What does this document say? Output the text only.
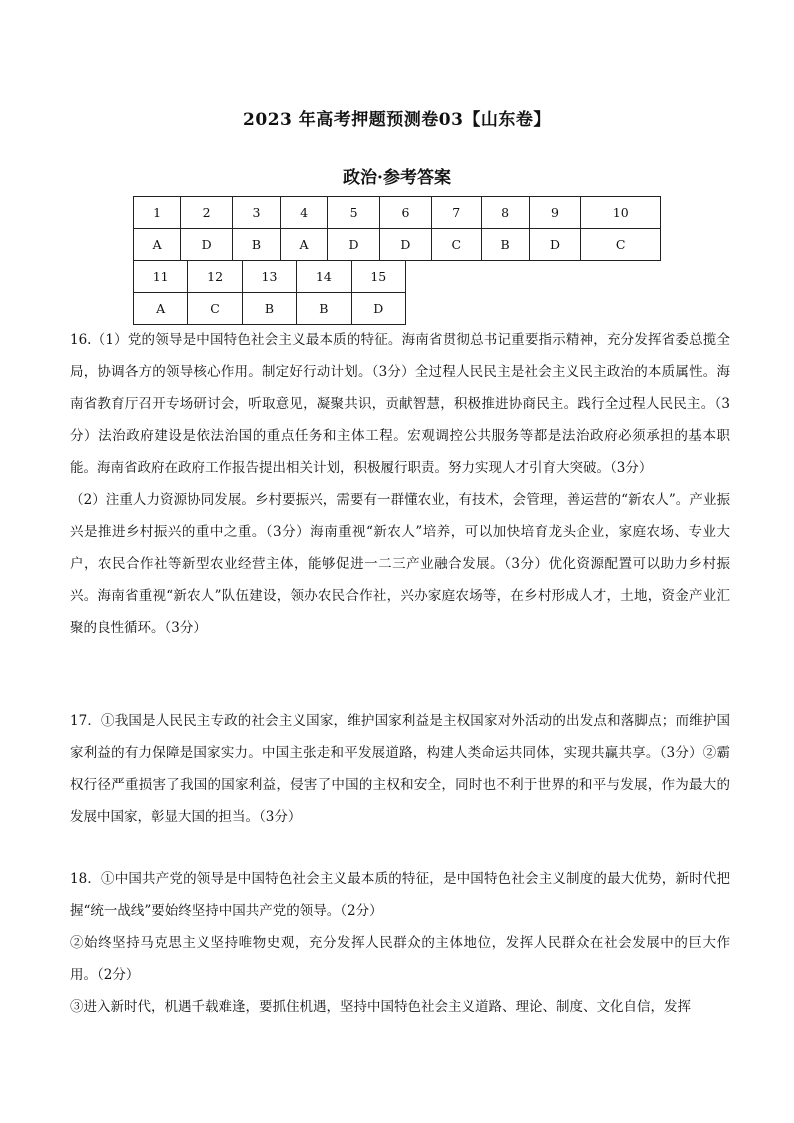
2023 年高考押题预测卷03【山东卷】
政治·参考答案
1	2	3	4	5	6	7	8	9	10
A	D	B	A	D	D	C	B	D	C
11	12	13	14	15
A	C	B	B	D

16.（1）党的领导是中国特色社会主义最本质的特征。海南省贯彻总书记重要指示精神，充分发挥省委总揽全局，协调各方的领导核心作用。制定好行动计划。（3分）全过程人民民主是社会主义民主政治的本质属性。海南省教育厅召开专场研讨会，听取意见，凝聚共识，贡献智慧，积极推进协商民主。践行全过程人民民主。（3分）法治政府建设是依法治国的重点任务和主体工程。宏观调控公共服务等都是法治政府必须承担的基本职能。海南省政府在政府工作报告提出相关计划，积极履行职责。努力实现人才引育大突破。（3分）

（2）注重人力资源协同发展。乡村要振兴，需要有一群懂农业，有技术，会管理，善运营的“新农人”。产业振兴是推进乡村振兴的重中之重。（3分）海南重视“新农人”培养，可以加快培育龙头企业，家庭农场、专业大户，农民合作社等新型农业经营主体，能够促进一二三产业融合发展。（3分）优化资源配置可以助力乡村振兴。海南省重视“新农人”队伍建设，领办农民合作社，兴办家庭农场等，在乡村形成人才，土地，资金产业汇聚的良性循环。（3分）

17．①我国是人民民主专政的社会主义国家，维护国家利益是主权国家对外活动的出发点和落脚点；而维护国家利益的有力保障是国家实力。中国主张走和平发展道路，构建人类命运共同体，实现共赢共享。（3分）②霸权行径严重损害了我国的国家利益，侵害了中国的主权和安全，同时也不利于世界的和平与发展，作为最大的发展中国家，彰显大国的担当。（3分）

18．①中国共产党的领导是中国特色社会主义最本质的特征，是中国特色社会主义制度的最大优势，新时代把握“统一战线”要始终坚持中国共产党的领导。（2分）

②始终坚持马克思主义坚持唯物史观，充分发挥人民群众的主体地位，发挥人民群众在社会发展中的巨大作用。（2分）

③进入新时代，机遇千载难逢，要抓住机遇，坚持中国特色社会主义道路、理论、制度、文化自信，发挥
